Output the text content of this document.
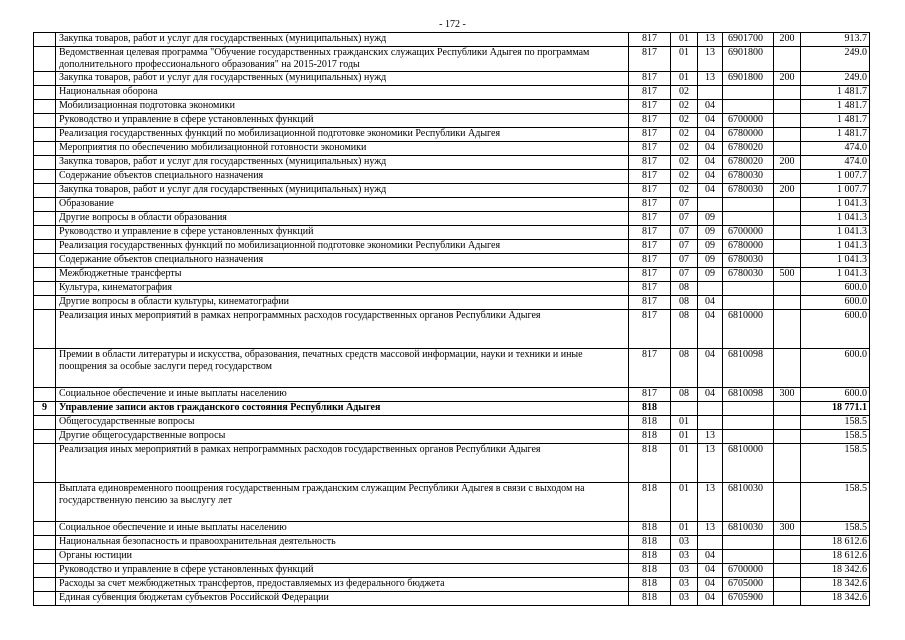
- 172 -
	Закупка товаров, работ и услуг для государственных (муниципальных) нужд	817	01	13	6901700	200	913.7
	Ведомственная целевая программа "Обучение государственных гражданских служащих Республики Адыгея по программам дополнительного профессионального образования" на 2015-2017 годы	817	01	13	6901800		249.0
	Закупка товаров, работ и услуг для государственных (муниципальных) нужд	817	01	13	6901800	200	249.0
	Национальная оборона	817	02				1 481.7
	Мобилизационная подготовка экономики	817	02	04			1 481.7
	Руководство и управление в сфере установленных функций	817	02	04	6700000		1 481.7
	Реализация государственных функций по мобилизационной подготовке экономики Республики Адыгея	817	02	04	6780000		1 481.7
	Мероприятия по обеспечению мобилизационной готовности экономики	817	02	04	6780020		474.0
	Закупка товаров, работ и услуг для государственных (муниципальных) нужд	817	02	04	6780020	200	474.0
	Содержание объектов специального назначения	817	02	04	6780030		1 007.7
	Закупка товаров, работ и услуг для государственных (муниципальных) нужд	817	02	04	6780030	200	1 007.7
	Образование	817	07				1 041.3
	Другие вопросы в области образования	817	07	09			1 041.3
	Руководство и управление в сфере установленных функций	817	07	09	6700000		1 041.3
	Реализация государственных функций по мобилизационной подготовке экономики Республики Адыгея	817	07	09	6780000		1 041.3
	Содержание объектов специального назначения	817	07	09	6780030		1 041.3
	Межбюджетные трансферты	817	07	09	6780030	500	1 041.3
	Культура, кинематография	817	08				600.0
	Другие вопросы в области культуры, кинематографии	817	08	04			600.0
	Реализация иных мероприятий в рамках непрограммных расходов государственных органов Республики Адыгея	817	08	04	6810000		600.0
	Премии в области литературы и искусства, образования, печатных средств массовой информации, науки и техники и иные поощрения за особые заслуги перед государством	817	08	04	6810098		600.0
	Социальное обеспечение и иные выплаты населению	817	08	04	6810098	300	600.0
9	Управление записи актов гражданского состояния Республики Адыгея	818					18 771.1
	Общегосударственные вопросы	818	01				158.5
	Другие общегосударственные вопросы	818	01	13			158.5
	Реализация иных мероприятий в рамках непрограммных расходов государственных органов Республики Адыгея	818	01	13	6810000		158.5
	Выплата единовременного поощрения государственным гражданским служащим Республики Адыгея в связи с выходом на государственную пенсию за выслугу лет	818	01	13	6810030		158.5
	Социальное обеспечение и иные выплаты населению	818	01	13	6810030	300	158.5
	Национальная безопасность и правоохранительная деятельность	818	03				18 612.6
	Органы юстиции	818	03	04			18 612.6
	Руководство и управление в сфере установленных функций	818	03	04	6700000		18 342.6
	Расходы за счет межбюджетных трансфертов, предоставляемых из федерального бюджета	818	03	04	6705000		18 342.6
	Единая субвенция бюджетам субъектов Российской Федерации	818	03	04	6705900		18 342.6
